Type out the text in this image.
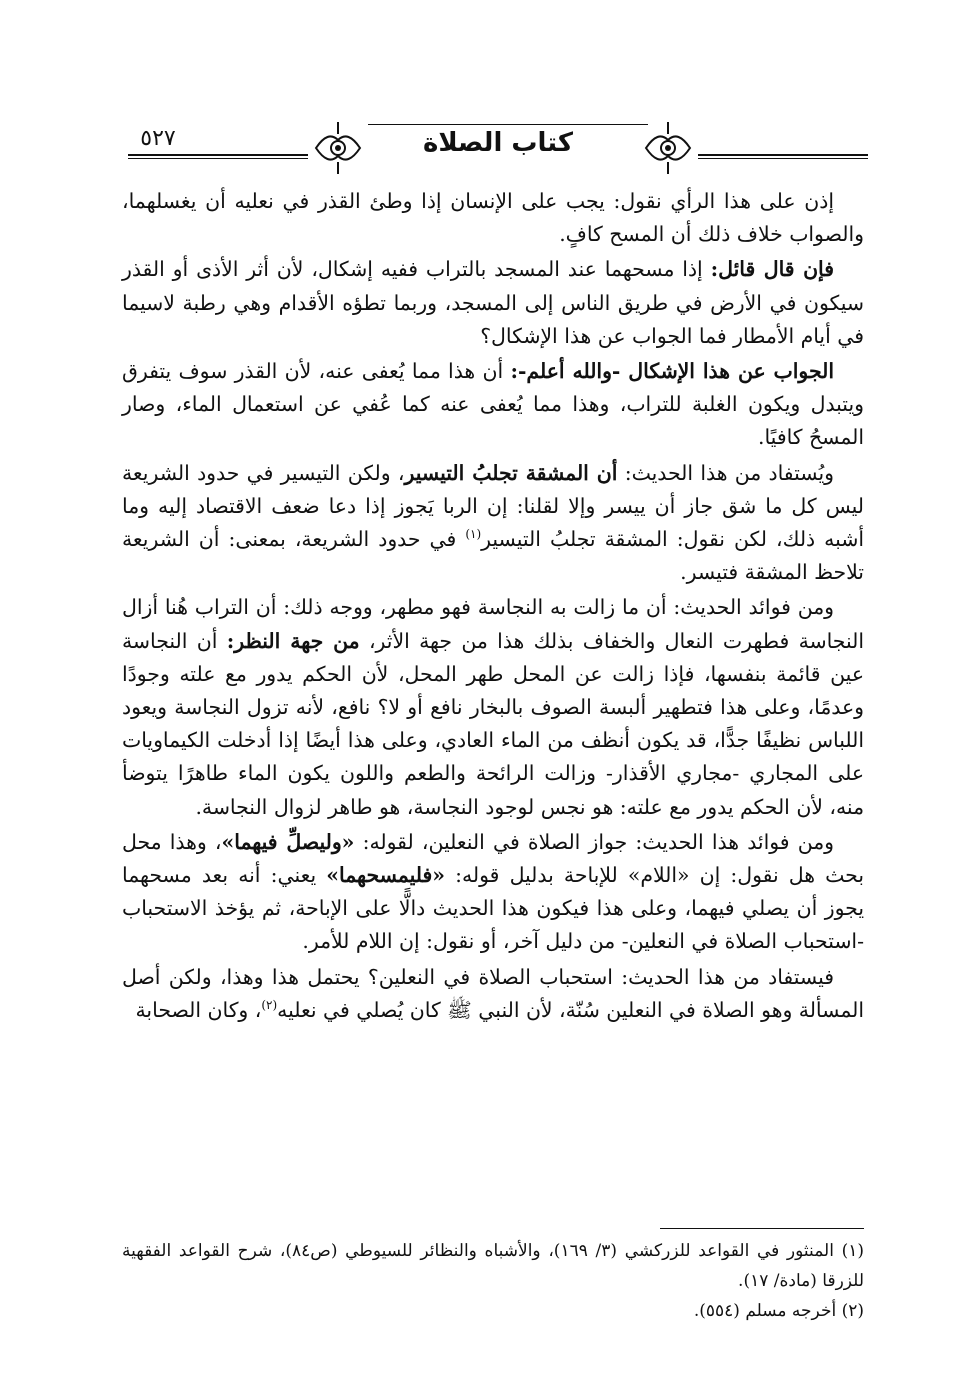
٥٢٧	كتاب الصلاة

إذن على هذا الرأي نقول: يجب على الإنسان إذا وطئ القذر في نعليه أن يغسلهما، والصواب خلاف ذلك أن المسح كافٍ.

فإن قال قائل: إذا مسحهما عند المسجد بالتراب ففيه إشكال، لأن أثر الأذى أو القذر سيكون في الأرض في طريق الناس إلى المسجد، وربما تطؤه الأقدام وهي رطبة لاسيما في أيام الأمطار فما الجواب عن هذا الإشكال؟

الجواب عن هذا الإشكال -والله أعلم-: أن هذا مما يُعفى عنه، لأن القذر سوف يتفرق ويتبدل ويكون الغلبة للتراب، وهذا مما يُعفى عنه كما عُفي عن استعمال الماء، وصار المسحُ كافيًا.

ويُستفاد من هذا الحديث: أن المشقة تجلبُ التيسير، ولكن التيسير في حدود الشريعة ليس كل ما شق جاز أن ييسر وإلا لقلنا: إن الربا يَجوز إذا دعا ضعف الاقتصاد إليه وما أشبه ذلك، لكن نقول: المشقة تجلبُ التيسير$^{(١)}$ في حدود الشريعة، بمعنى: أن الشريعة تلاحظ المشقة فتيسر.

ومن فوائد الحديث: أن ما زالت به النجاسة فهو مطهر، ووجه ذلك: أن التراب هُنا أزال النجاسة فطهرت النعال والخفاف بذلك هذا من جهة الأثر، من جهة النظر: أن النجاسة عين قائمة بنفسها، فإذا زالت عن المحل طهر المحل، لأن الحكم يدور مع علته وجودًا وعدمًا، وعلى هذا فتطهير ألبسة الصوف بالبخار نافع أو لا؟ نافع، لأنه تزول النجاسة ويعود اللباس نظيفًا جدًّا، قد يكون أنظف من الماء العادي، وعلى هذا أيضًا إذا أدخلت الكيماويات على المجاري -مجاري الأقذار- وزالت الرائحة والطعم واللون يكون الماء طاهرًا يتوضأ منه، لأن الحكم يدور مع علته: هو نجس لوجود النجاسة، هو طاهر لزوال النجاسة.

ومن فوائد هذا الحديث: جواز الصلاة في النعلين، لقوله: «وليصلِّ فيهما»، وهذا محل بحث هل نقول: إن «اللام» للإباحة بدليل قوله: «فليمسحهما» يعني: أنه بعد مسحهما يجوز أن يصلي فيهما، وعلى هذا فيكون هذا الحديث دالًّا على الإباحة، ثم يؤخذ الاستحباب -استحباب الصلاة في النعلين- من دليل آخر، أو نقول: إن اللام للأمر.

فيستفاد من هذا الحديث: استحباب الصلاة في النعلين؟ يحتمل هذا وهذا، ولكن أصل المسألة وهو الصلاة في النعلين سُنّة، لأن النبي ﷺ كان يُصلي في نعليه$^{(٢)}$، وكان الصحابة

(١) المنثور في القواعد للزركشي (٣/ ١٦٩)، والأشباه والنظائر للسيوطي (ص٨٤)، شرح القواعد الفقهية للزرقا (مادة/ ١٧).

(٢) أخرجه مسلم (٥٥٤).
